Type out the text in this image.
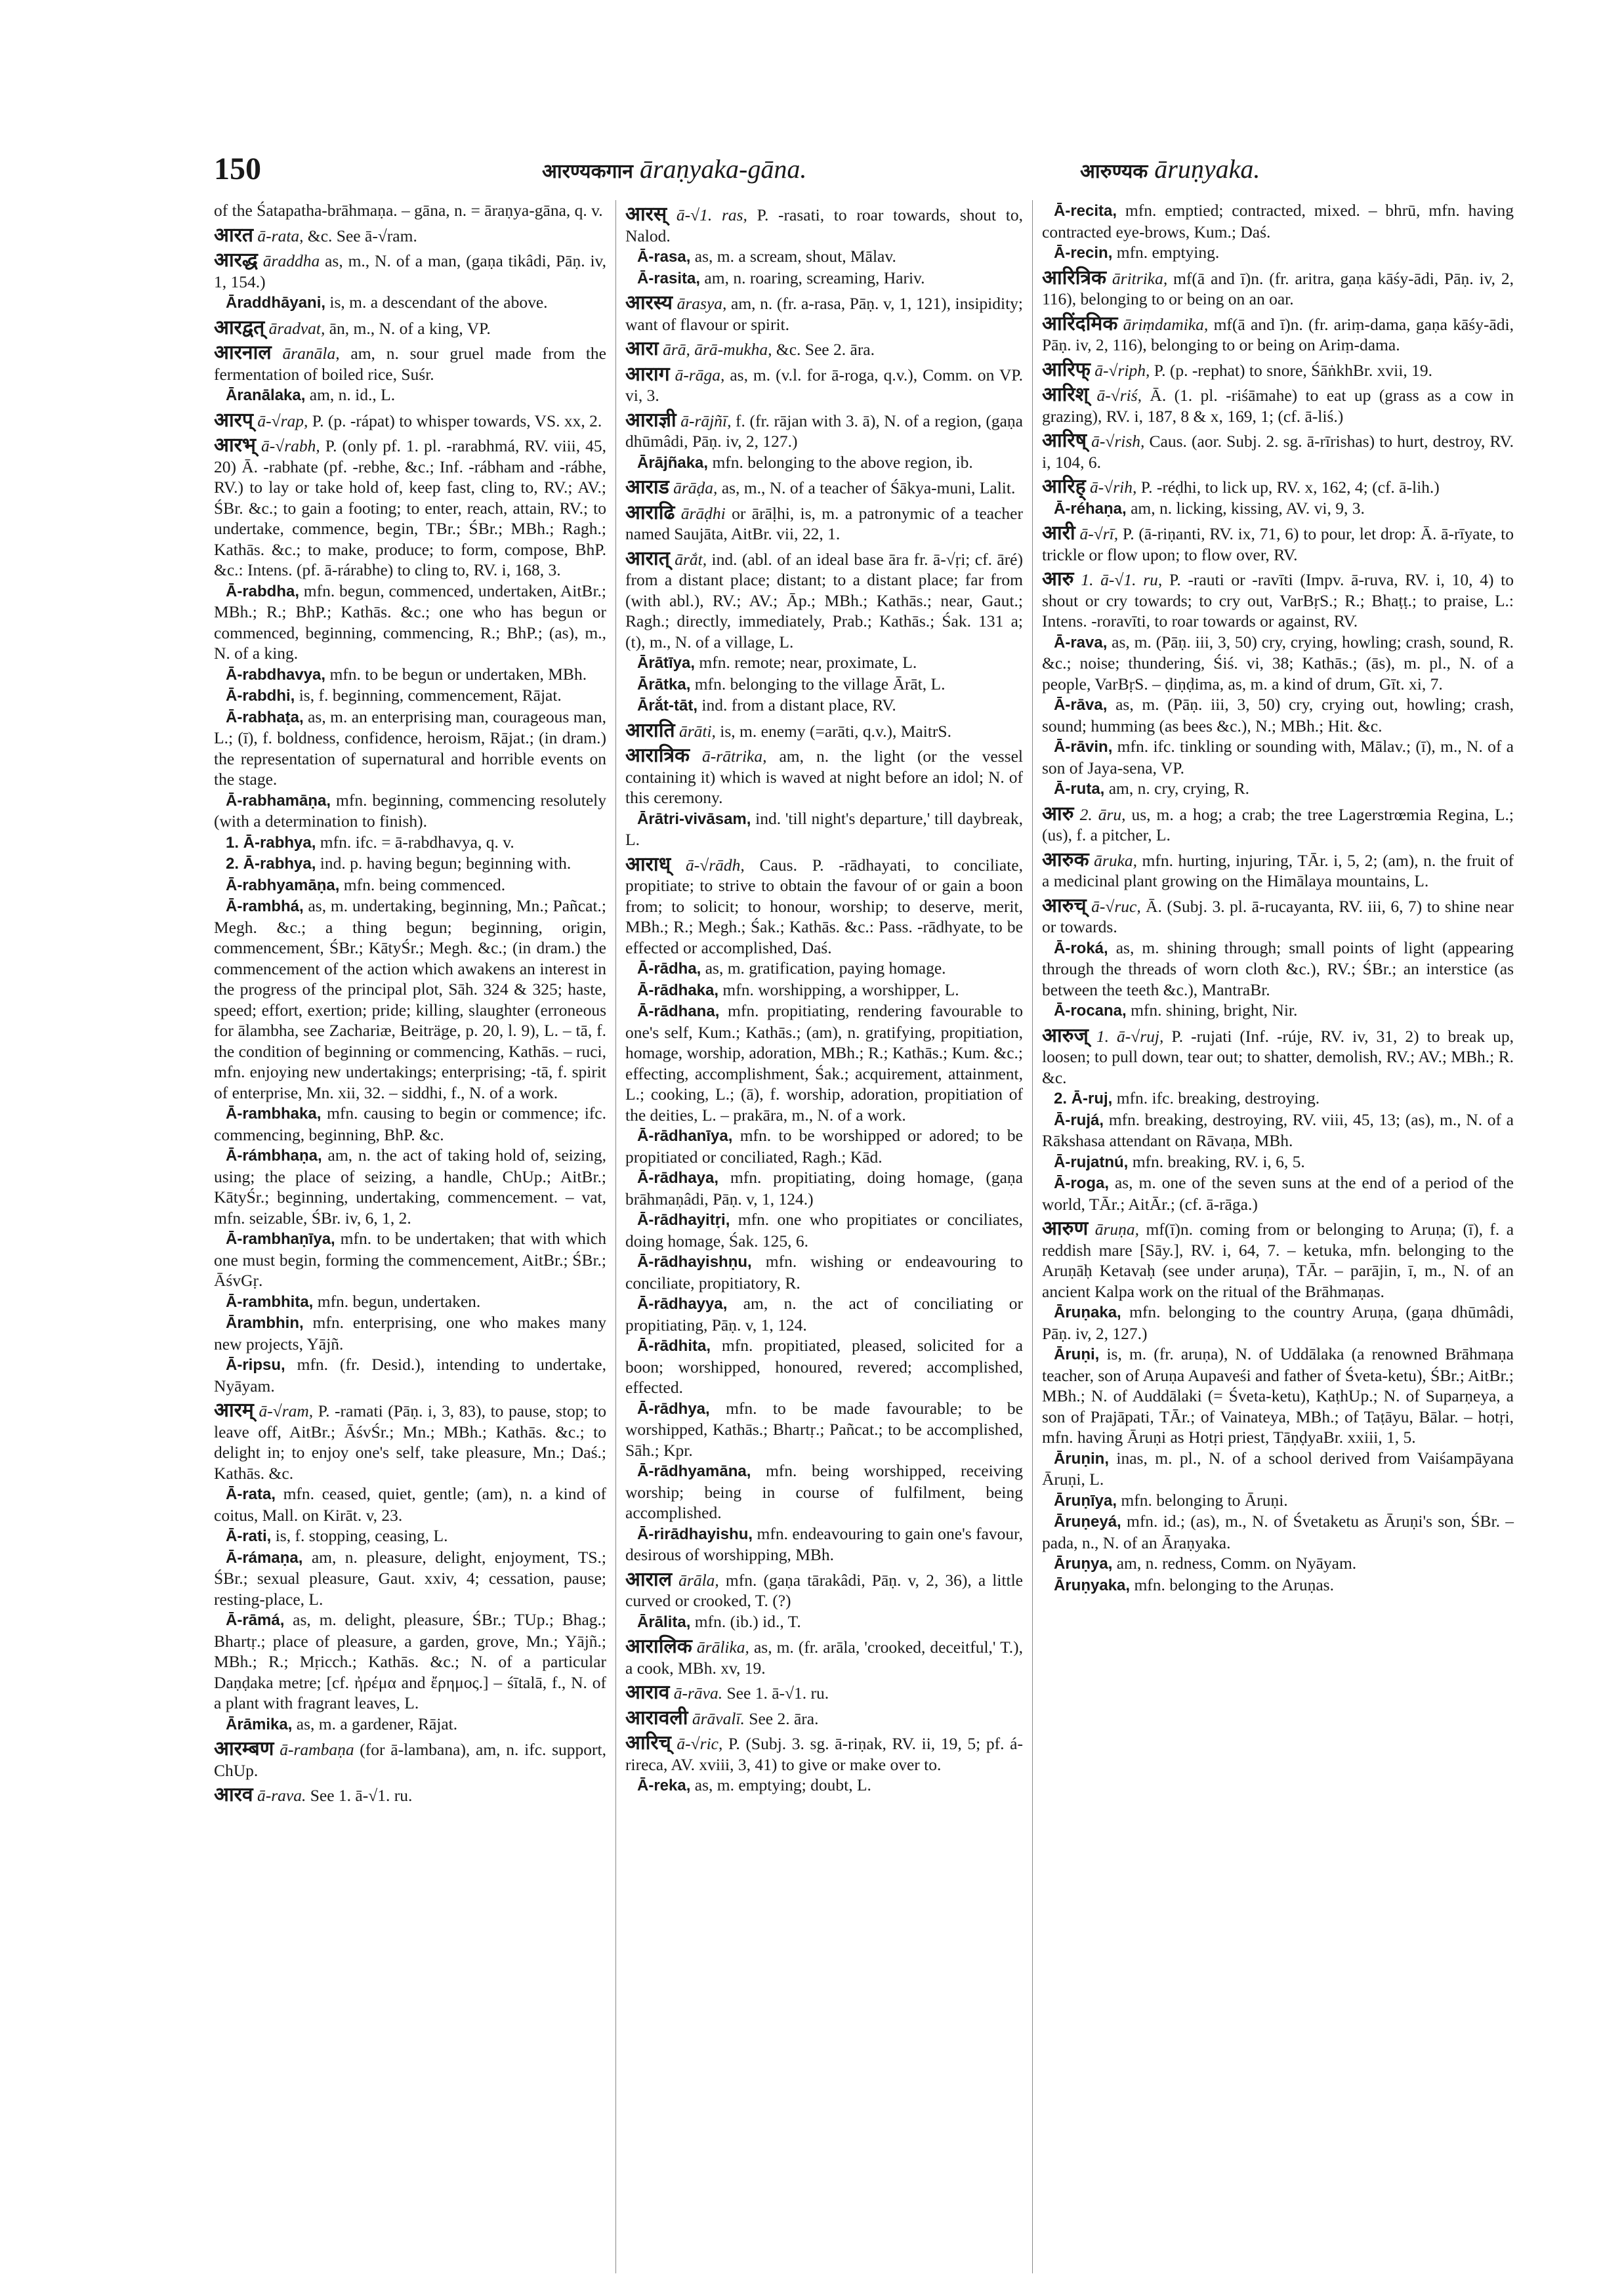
150	आरण्यकगान āraṇyaka-gāna.	आरुण्यक āruṇyaka.

of the Śatapatha-brāhmaṇa. – gāna, n. = āraṇya-gāna, q. v.

आरत ā-rata, &c. See ā-√ram.

आरद्ध āraddha as, m., N. of a man, (gaṇa tikâdi, Pāṇ. iv, 1, 154.)

Āraddhāyani, is, m. a descendant of the above.

आरद्वत् āradvat, ān, m., N. of a king, VP.

आरनाल āranāla, am, n. sour gruel made from the fermentation of boiled rice, Suśr.

Āranālaka, am, n. id., L.

आरप् ā-√rap, P. (p. -rápat) to whisper towards, VS. xx, 2.

आरभ् ā-√rabh, P. (only pf. 1. pl. -rarabhmá, RV. viii, 45, 20) Ā. -rabhate (pf. -rebhe, &c.; Inf. -rábham and -rábhe, RV.) to lay or take hold of, keep fast, cling to, RV.; AV.; ŚBr. &c.; to gain a footing; to enter, reach, attain, RV.; to undertake, commence, begin, TBr.; ŚBr.; MBh.; Ragh.; Kathās. &c.; to make, produce; to form, compose, BhP. &c.: Intens. (pf. ā-rárabhe) to cling to, RV. i, 168, 3.

Ā-rabdha, mfn. begun, commenced, undertaken, AitBr.; MBh.; R.; BhP.; Kathās. &c.; one who has begun or commenced, beginning, commencing, R.; BhP.; (as), m., N. of a king.

Ā-rabdhavya, mfn. to be begun or undertaken, MBh.

Ā-rabdhi, is, f. beginning, commencement, Rājat.

Ā-rabhaṭa, as, m. an enterprising man, courageous man, L.; (ī), f. boldness, confidence, heroism, Rājat.; (in dram.) the representation of supernatural and horrible events on the stage.

Ā-rabhamāṇa, mfn. beginning, commencing resolutely (with a determination to finish).

1. Ā-rabhya, mfn. ifc. = ā-rabdhavya, q. v.

2. Ā-rabhya, ind. p. having begun; beginning with.

Ā-rabhyamāṇa, mfn. being commenced.

Ā-rambhá, as, m. undertaking, beginning, Mn.; Pañcat.; Megh. &c.; a thing begun; beginning, origin, commencement, ŚBr.; KātyŚr.; Megh. &c.; (in dram.) the commencement of the action which awakens an interest in the progress of the principal plot, Sāh. 324 & 325; haste, speed; effort, exertion; pride; killing, slaughter (erroneous for ālambha, see Zachariæ, Beiträge, p. 20, l. 9), L. – tā, f. the condition of beginning or commencing, Kathās. – ruci, mfn. enjoying new undertakings; enterprising; -tā, f. spirit of enterprise, Mn. xii, 32. – siddhi, f., N. of a work.

Ā-rambhaka, mfn. causing to begin or commence; ifc. commencing, beginning, BhP. &c.

Ā-rámbhaṇa, am, n. the act of taking hold of, seizing, using; the place of seizing, a handle, ChUp.; AitBr.; KātyŚr.; beginning, undertaking, commencement. – vat, mfn. seizable, ŚBr. iv, 6, 1, 2.

Ā-rambhaṇīya, mfn. to be undertaken; that with which one must begin, forming the commencement, AitBr.; ŚBr.; ĀśvGṛ.

Ā-rambhita, mfn. begun, undertaken.

Ārambhin, mfn. enterprising, one who makes many new projects, Yājñ.

Ā-ripsu, mfn. (fr. Desid.), intending to undertake, Nyāyam.

आरम् ā-√ram, P. -ramati (Pāṇ. i, 3, 83), to pause, stop; to leave off, AitBr.; ĀśvŚr.; Mn.; MBh.; Kathās. &c.; to delight in; to enjoy one's self, take pleasure, Mn.; Daś.; Kathās. &c.

Ā-rata, mfn. ceased, quiet, gentle; (am), n. a kind of coitus, Mall. on Kirāt. v, 23.

Ā-rati, is, f. stopping, ceasing, L.

Ā-rámaṇa, am, n. pleasure, delight, enjoyment, TS.; ŚBr.; sexual pleasure, Gaut. xxiv, 4; cessation, pause; resting-place, L.

Ā-rāmá, as, m. delight, pleasure, ŚBr.; TUp.; Bhag.; Bhartṛ.; place of pleasure, a garden, grove, Mn.; Yājñ.; MBh.; R.; Mṛicch.; Kathās. &c.; N. of a particular Daṇḍaka metre; [cf. ἠρέμα and ἔρημος.] – śītalā, f., N. of a plant with fragrant leaves, L.

Ārāmika, as, m. a gardener, Rājat.

आरम्बण ā-rambaṇa (for ā-lambana), am, n. ifc. support, ChUp.

आरव ā-rava. See 1. ā-√1. ru.

आरस् ā-√1. ras, P. -rasati, to roar towards, shout to, Nalod.

Ā-rasa, as, m. a scream, shout, Mālav.

Ā-rasita, am, n. roaring, screaming, Hariv.

आरस्य ārasya, am, n. (fr. a-rasa, Pāṇ. v, 1, 121), insipidity; want of flavour or spirit.

आरा ārā, ārā-mukha, &c. See 2. āra.

आराग ā-rāga, as, m. (v.l. for ā-roga, q.v.), Comm. on VP. vi, 3.

आराज्ञी ā-rājñī, f. (fr. rājan with 3. ā), N. of a region, (gaṇa dhūmâdi, Pāṇ. iv, 2, 127.)

Ārājñaka, mfn. belonging to the above region, ib.

आराड ārāḍa, as, m., N. of a teacher of Śākya-muni, Lalit.

आराढि ārāḍhi or ārāḷhi, is, m. a patronymic of a teacher named Saujāta, AitBr. vii, 22, 1.

आरात् ārắt, ind. (abl. of an ideal base āra fr. ā-√ṛi; cf. āré) from a distant place; distant; to a distant place; far from (with abl.), RV.; AV.; Āp.; MBh.; Kathās.; near, Gaut.; Ragh.; directly, immediately, Prab.; Kathās.; Śak. 131 a; (t), m., N. of a village, L.

Ārātīya, mfn. remote; near, proximate, L.

Ārātka, mfn. belonging to the village Ārāt, L.

Ārắt-tāt, ind. from a distant place, RV.

आराति ārāti, is, m. enemy (=arāti, q.v.), MaitrS.

आरात्रिक ā-rātrika, am, n. the light (or the vessel containing it) which is waved at night before an idol; N. of this ceremony.

Ārātri-vivāsam, ind. 'till night's departure,' till daybreak, L.

आराध् ā-√rādh, Caus. P. -rādhayati, to conciliate, propitiate; to strive to obtain the favour of or gain a boon from; to solicit; to honour, worship; to deserve, merit, MBh.; R.; Megh.; Śak.; Kathās. &c.: Pass. -rādhyate, to be effected or accomplished, Daś.

Ā-rādha, as, m. gratification, paying homage.

Ā-rādhaka, mfn. worshipping, a worshipper, L.

Ā-rādhana, mfn. propitiating, rendering favourable to one's self, Kum.; Kathās.; (am), n. gratifying, propitiation, homage, worship, adoration, MBh.; R.; Kathās.; Kum. &c.; effecting, accomplishment, Śak.; acquirement, attainment, L.; cooking, L.; (ā), f. worship, adoration, propitiation of the deities, L. – prakāra, m., N. of a work.

Ā-rādhanīya, mfn. to be worshipped or adored; to be propitiated or conciliated, Ragh.; Kād.

Ā-rādhaya, mfn. propitiating, doing homage, (gaṇa brāhmaṇâdi, Pāṇ. v, 1, 124.)

Ā-rādhayitṛi, mfn. one who propitiates or conciliates, doing homage, Śak. 125, 6.

Ā-rādhayishṇu, mfn. wishing or endeavouring to conciliate, propitiatory, R.

Ā-rādhayya, am, n. the act of conciliating or propitiating, Pāṇ. v, 1, 124.

Ā-rādhita, mfn. propitiated, pleased, solicited for a boon; worshipped, honoured, revered; accomplished, effected.

Ā-rādhya, mfn. to be made favourable; to be worshipped, Kathās.; Bhartṛ.; Pañcat.; to be accomplished, Sāh.; Kpr.

Ā-rādhyamāna, mfn. being worshipped, receiving worship; being in course of fulfilment, being accomplished.

Ā-rirādhayishu, mfn. endeavouring to gain one's favour, desirous of worshipping, MBh.

आराल ārāla, mfn. (gaṇa tārakâdi, Pāṇ. v, 2, 36), a little curved or crooked, T. (?)

Ārālita, mfn. (ib.) id., T.

आरालिक ārālika, as, m. (fr. arāla, 'crooked, deceitful,' T.), a cook, MBh. xv, 19.

आराव ā-rāva. See 1. ā-√1. ru.

आरावली ārāvalī. See 2. āra.

आरिच् ā-√ric, P. (Subj. 3. sg. ā-riṇak, RV. ii, 19, 5; pf. á-rireca, AV. xviii, 3, 41) to give or make over to.

Ā-reka, as, m. emptying; doubt, L.

Ā-recita, mfn. emptied; contracted, mixed. – bhrū, mfn. having contracted eye-brows, Kum.; Daś.

Ā-recin, mfn. emptying.

आरित्रिक āritrika, mf(ā and ī)n. (fr. aritra, gaṇa kāśy-ādi, Pāṇ. iv, 2, 116), belonging to or being on an oar.

आरिंदमिक āriṃdamika, mf(ā and ī)n. (fr. ariṃ-dama, gaṇa kāśy-ādi, Pāṇ. iv, 2, 116), belonging to or being on Ariṃ-dama.

आरिफ् ā-√riph, P. (p. -rephat) to snore, ŚāṅkhBr. xvii, 19.

आरिश् ā-√riś, Ā. (1. pl. -riśāmahe) to eat up (grass as a cow in grazing), RV. i, 187, 8 & x, 169, 1; (cf. ā-liś.)

आरिष् ā-√rish, Caus. (aor. Subj. 2. sg. ā-rīrishas) to hurt, destroy, RV. i, 104, 6.

आरिह् ā-√rih, P. -réḍhi, to lick up, RV. x, 162, 4; (cf. ā-lih.)

Ā-réhaṇa, am, n. licking, kissing, AV. vi, 9, 3.

आरी ā-√rī, P. (ā-riṇanti, RV. ix, 71, 6) to pour, let drop: Ā. ā-rīyate, to trickle or flow upon; to flow over, RV.

आरु 1. ā-√1. ru, P. -rauti or -ravīti (Impv. ā-ruva, RV. i, 10, 4) to shout or cry towards; to cry out, VarBṛS.; R.; Bhaṭṭ.; to praise, L.: Intens. -roravīti, to roar towards or against, RV.

Ā-rava, as, m. (Pāṇ. iii, 3, 50) cry, crying, howling; crash, sound, R. &c.; noise; thundering, Śiś. vi, 38; Kathās.; (ās), m. pl., N. of a people, VarBṛS. – ḍiṇḍima, as, m. a kind of drum, Gīt. xi, 7.

Ā-rāva, as, m. (Pāṇ. iii, 3, 50) cry, crying out, howling; crash, sound; humming (as bees &c.), N.; MBh.; Hit. &c.

Ā-rāvin, mfn. ifc. tinkling or sounding with, Mālav.; (ī), m., N. of a son of Jaya-sena, VP.

Ā-ruta, am, n. cry, crying, R.

आरु 2. āru, us, m. a hog; a crab; the tree Lagerstrœmia Regina, L.; (us), f. a pitcher, L.

आरुक āruka, mfn. hurting, injuring, TĀr. i, 5, 2; (am), n. the fruit of a medicinal plant growing on the Himālaya mountains, L.

आरुच् ā-√ruc, Ā. (Subj. 3. pl. ā-rucayanta, RV. iii, 6, 7) to shine near or towards.

Ā-roká, as, m. shining through; small points of light (appearing through the threads of worn cloth &c.), RV.; ŚBr.; an interstice (as between the teeth &c.), MantraBr.

Ā-rocana, mfn. shining, bright, Nir.

आरुज् 1. ā-√ruj, P. -rujati (Inf. -rúje, RV. iv, 31, 2) to break up, loosen; to pull down, tear out; to shatter, demolish, RV.; AV.; MBh.; R. &c.

2. Ā-ruj, mfn. ifc. breaking, destroying.

Ā-rujá, mfn. breaking, destroying, RV. viii, 45, 13; (as), m., N. of a Rākshasa attendant on Rāvaṇa, MBh.

Ā-rujatnú, mfn. breaking, RV. i, 6, 5.

Ā-roga, as, m. one of the seven suns at the end of a period of the world, TĀr.; AitĀr.; (cf. ā-rāga.)

आरुण āruṇa, mf(ī)n. coming from or belonging to Aruṇa; (ī), f. a reddish mare [Sāy.], RV. i, 64, 7. – ketuka, mfn. belonging to the Aruṇāḥ Ketavaḥ (see under aruṇa), TĀr. – parājin, ī, m., N. of an ancient Kalpa work on the ritual of the Brāhmaṇas.

Āruṇaka, mfn. belonging to the country Aruṇa, (gaṇa dhūmâdi, Pāṇ. iv, 2, 127.)

Āruṇi, is, m. (fr. aruṇa), N. of Uddālaka (a renowned Brāhmaṇa teacher, son of Aruṇa Aupaveśi and father of Śveta-ketu), ŚBr.; AitBr.; MBh.; N. of Auddālaki (= Śveta-ketu), KaṭhUp.; N. of Suparṇeya, a son of Prajāpati, TĀr.; of Vainateya, MBh.; of Taṭāyu, Bālar. – hotṛi, mfn. having Āruṇi as Hotṛi priest, TāṇḍyaBr. xxiii, 1, 5.

Āruṇin, inas, m. pl., N. of a school derived from Vaiśampāyana Āruṇi, L.

Āruṇīya, mfn. belonging to Āruṇi.

Āruṇeyá, mfn. id.; (as), m., N. of Śvetaketu as Āruṇi's son, ŚBr. – pada, n., N. of an Āraṇyaka.

Āruṇya, am, n. redness, Comm. on Nyāyam.

Āruṇyaka, mfn. belonging to the Aruṇas.
